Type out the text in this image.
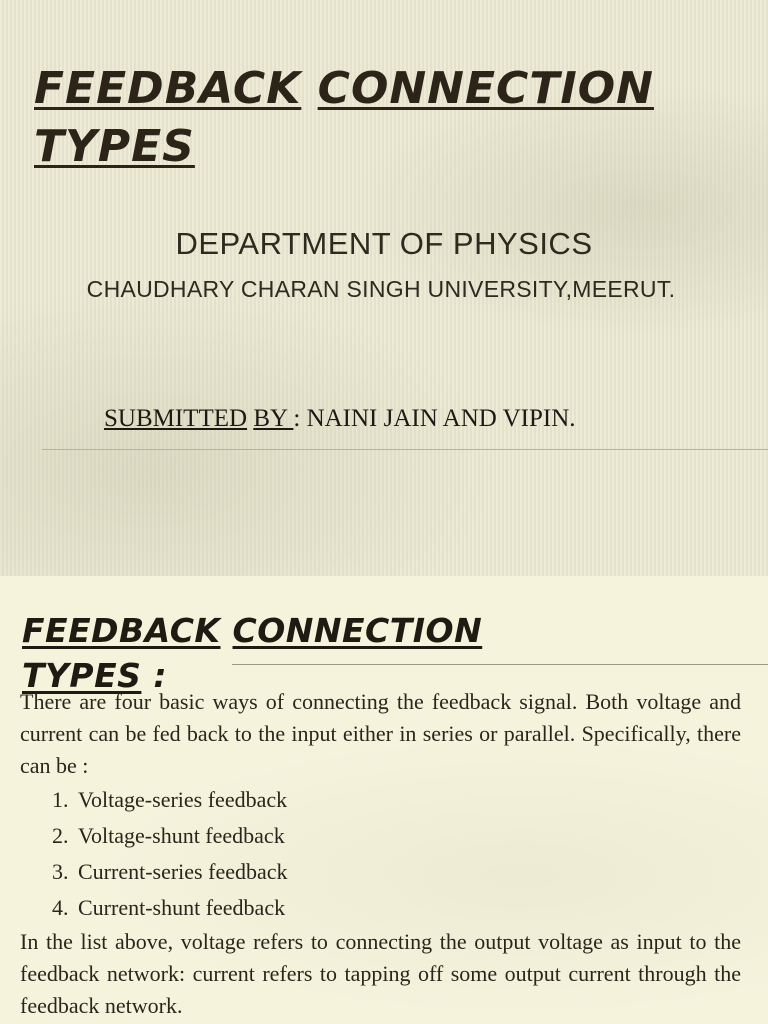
FEEDBACK CONNECTION
TYPES
DEPARTMENT OF PHYSICS
CHAUDHARY CHARAN SINGH UNIVERSITY,MEERUT.
SUBMITTED BY : NAINI JAIN AND VIPIN.
FEEDBACK CONNECTION
TYPES :

There are four basic ways of connecting the feedback signal. Both voltage and current can be fed back to the input either in series or parallel. Specifically, there can be :

1. Voltage-series feedback
2. Voltage-shunt feedback
3. Current-series feedback
4. Current-shunt feedback

In the list above, voltage refers to connecting the output voltage as input to the feedback network: current refers to tapping off some output current through the feedback network.
